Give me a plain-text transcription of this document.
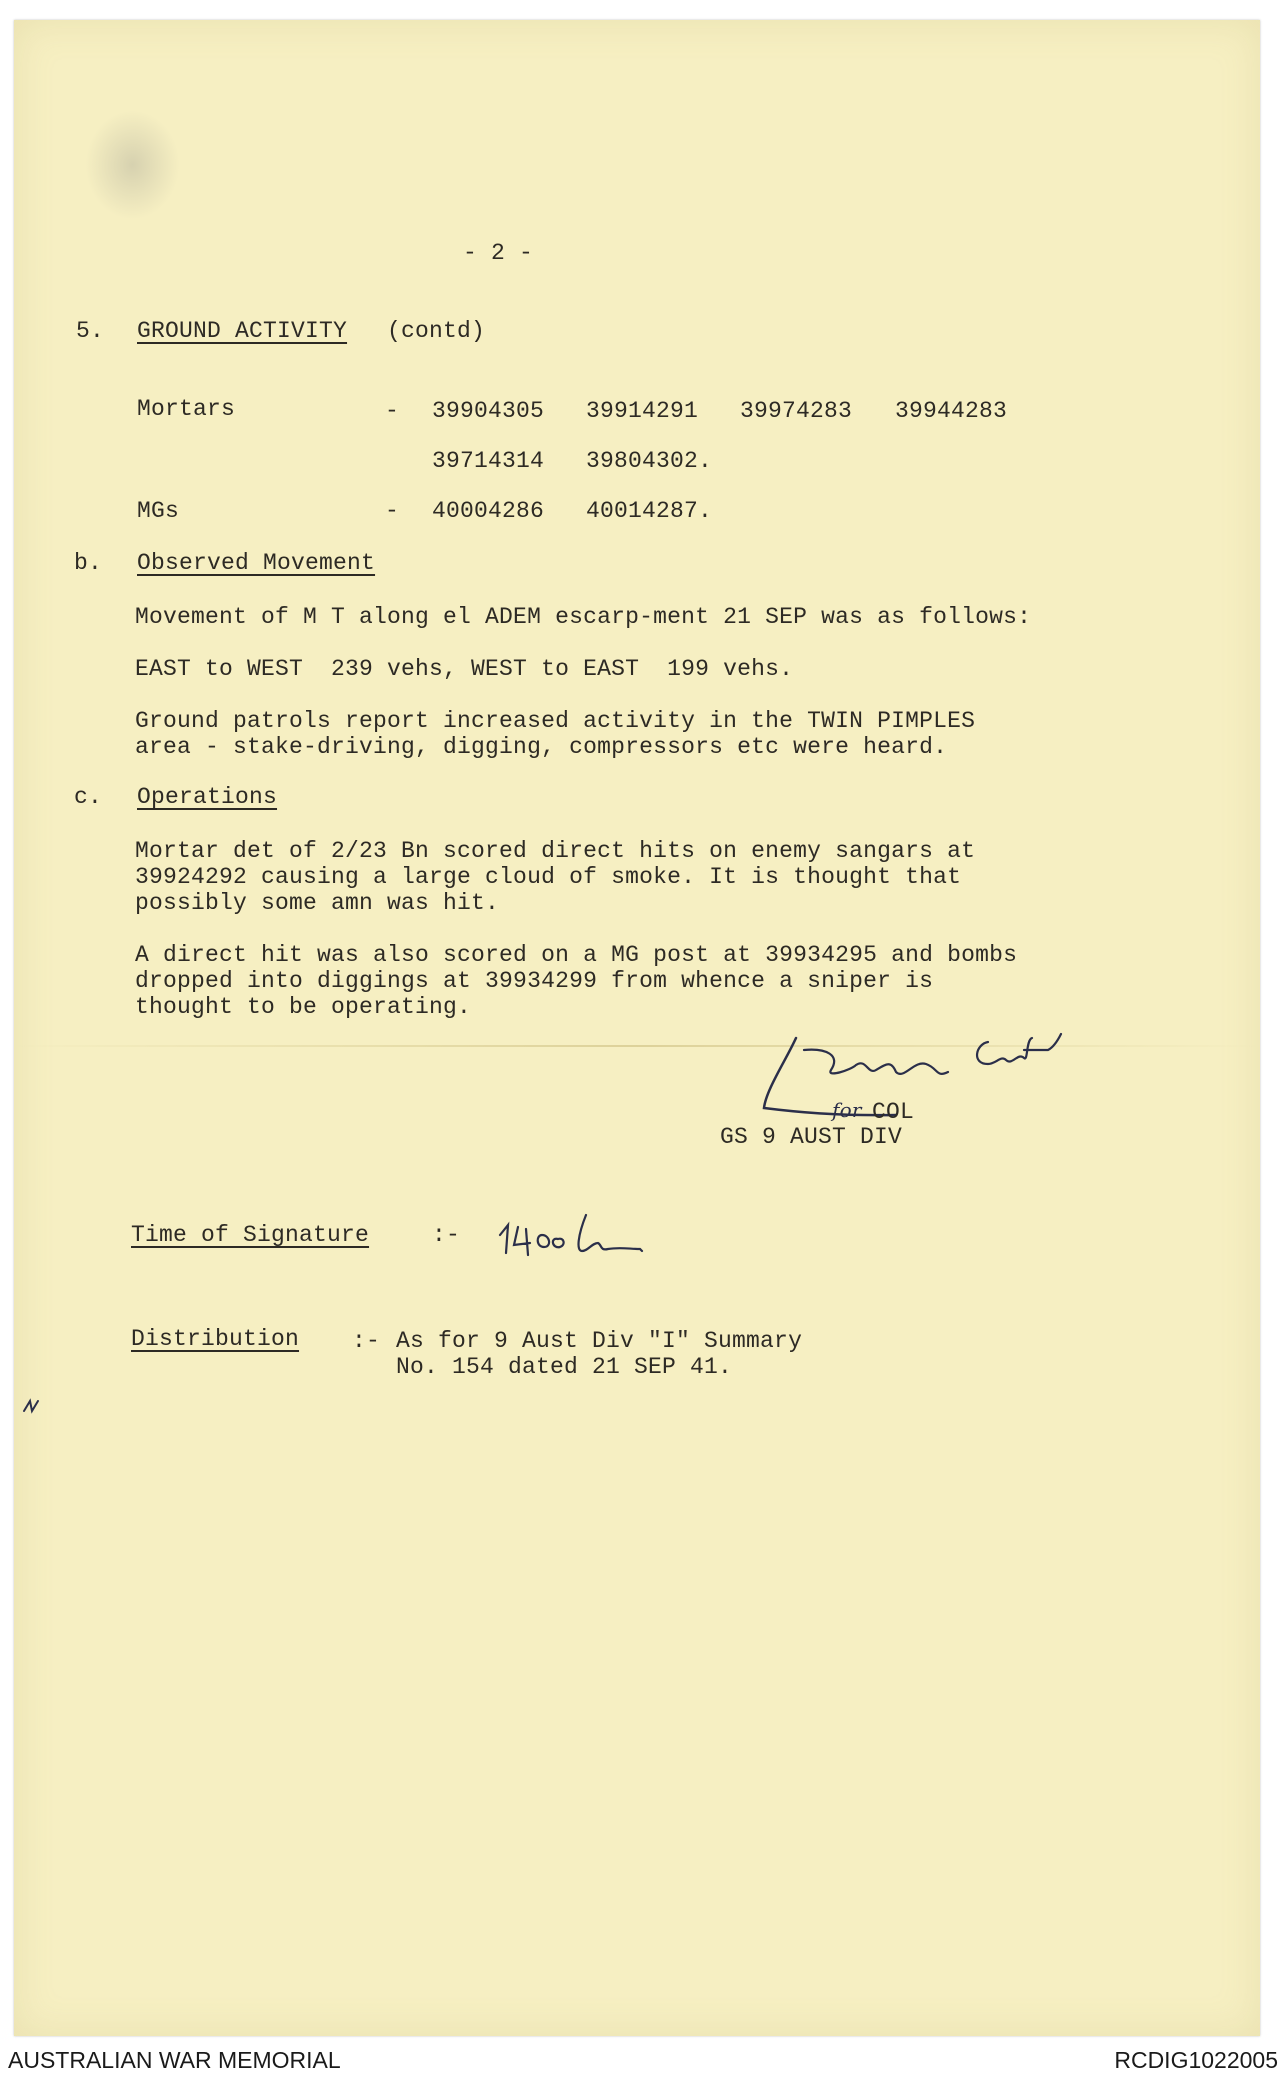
- 2 -
5. GROUND ACTIVITY (contd)
Mortars	- 39904305 39914291 39974283 39944283
39714314 39804302.
MGs	- 40004286 40014287.
b. Observed Movement
Movement of M T along el ADEM escarp-ment 21 SEP was as follows:
EAST to WEST  239 vehs, WEST to EAST  199 vehs.
Ground patrols report increased activity in the TWIN PIMPLES
area - stake-driving, digging, compressors etc were heard.
c. Operations
Mortar det of 2/23 Bn scored direct hits on enemy sangars at
39924292 causing a large cloud of smoke. It is thought that
possibly some amn was hit.
A direct hit was also scored on a MG post at 39934295 and bombs
dropped into diggings at 39934299 from whence a sniper is
thought to be operating.
for COL
GS 9 AUST DIV
Time of Signature	:-
Distribution :- As for 9 Aust Div "I" Summary
No. 154 dated 21 SEP 41.
AUSTRALIAN WAR MEMORIAL	RCDIG1022005
